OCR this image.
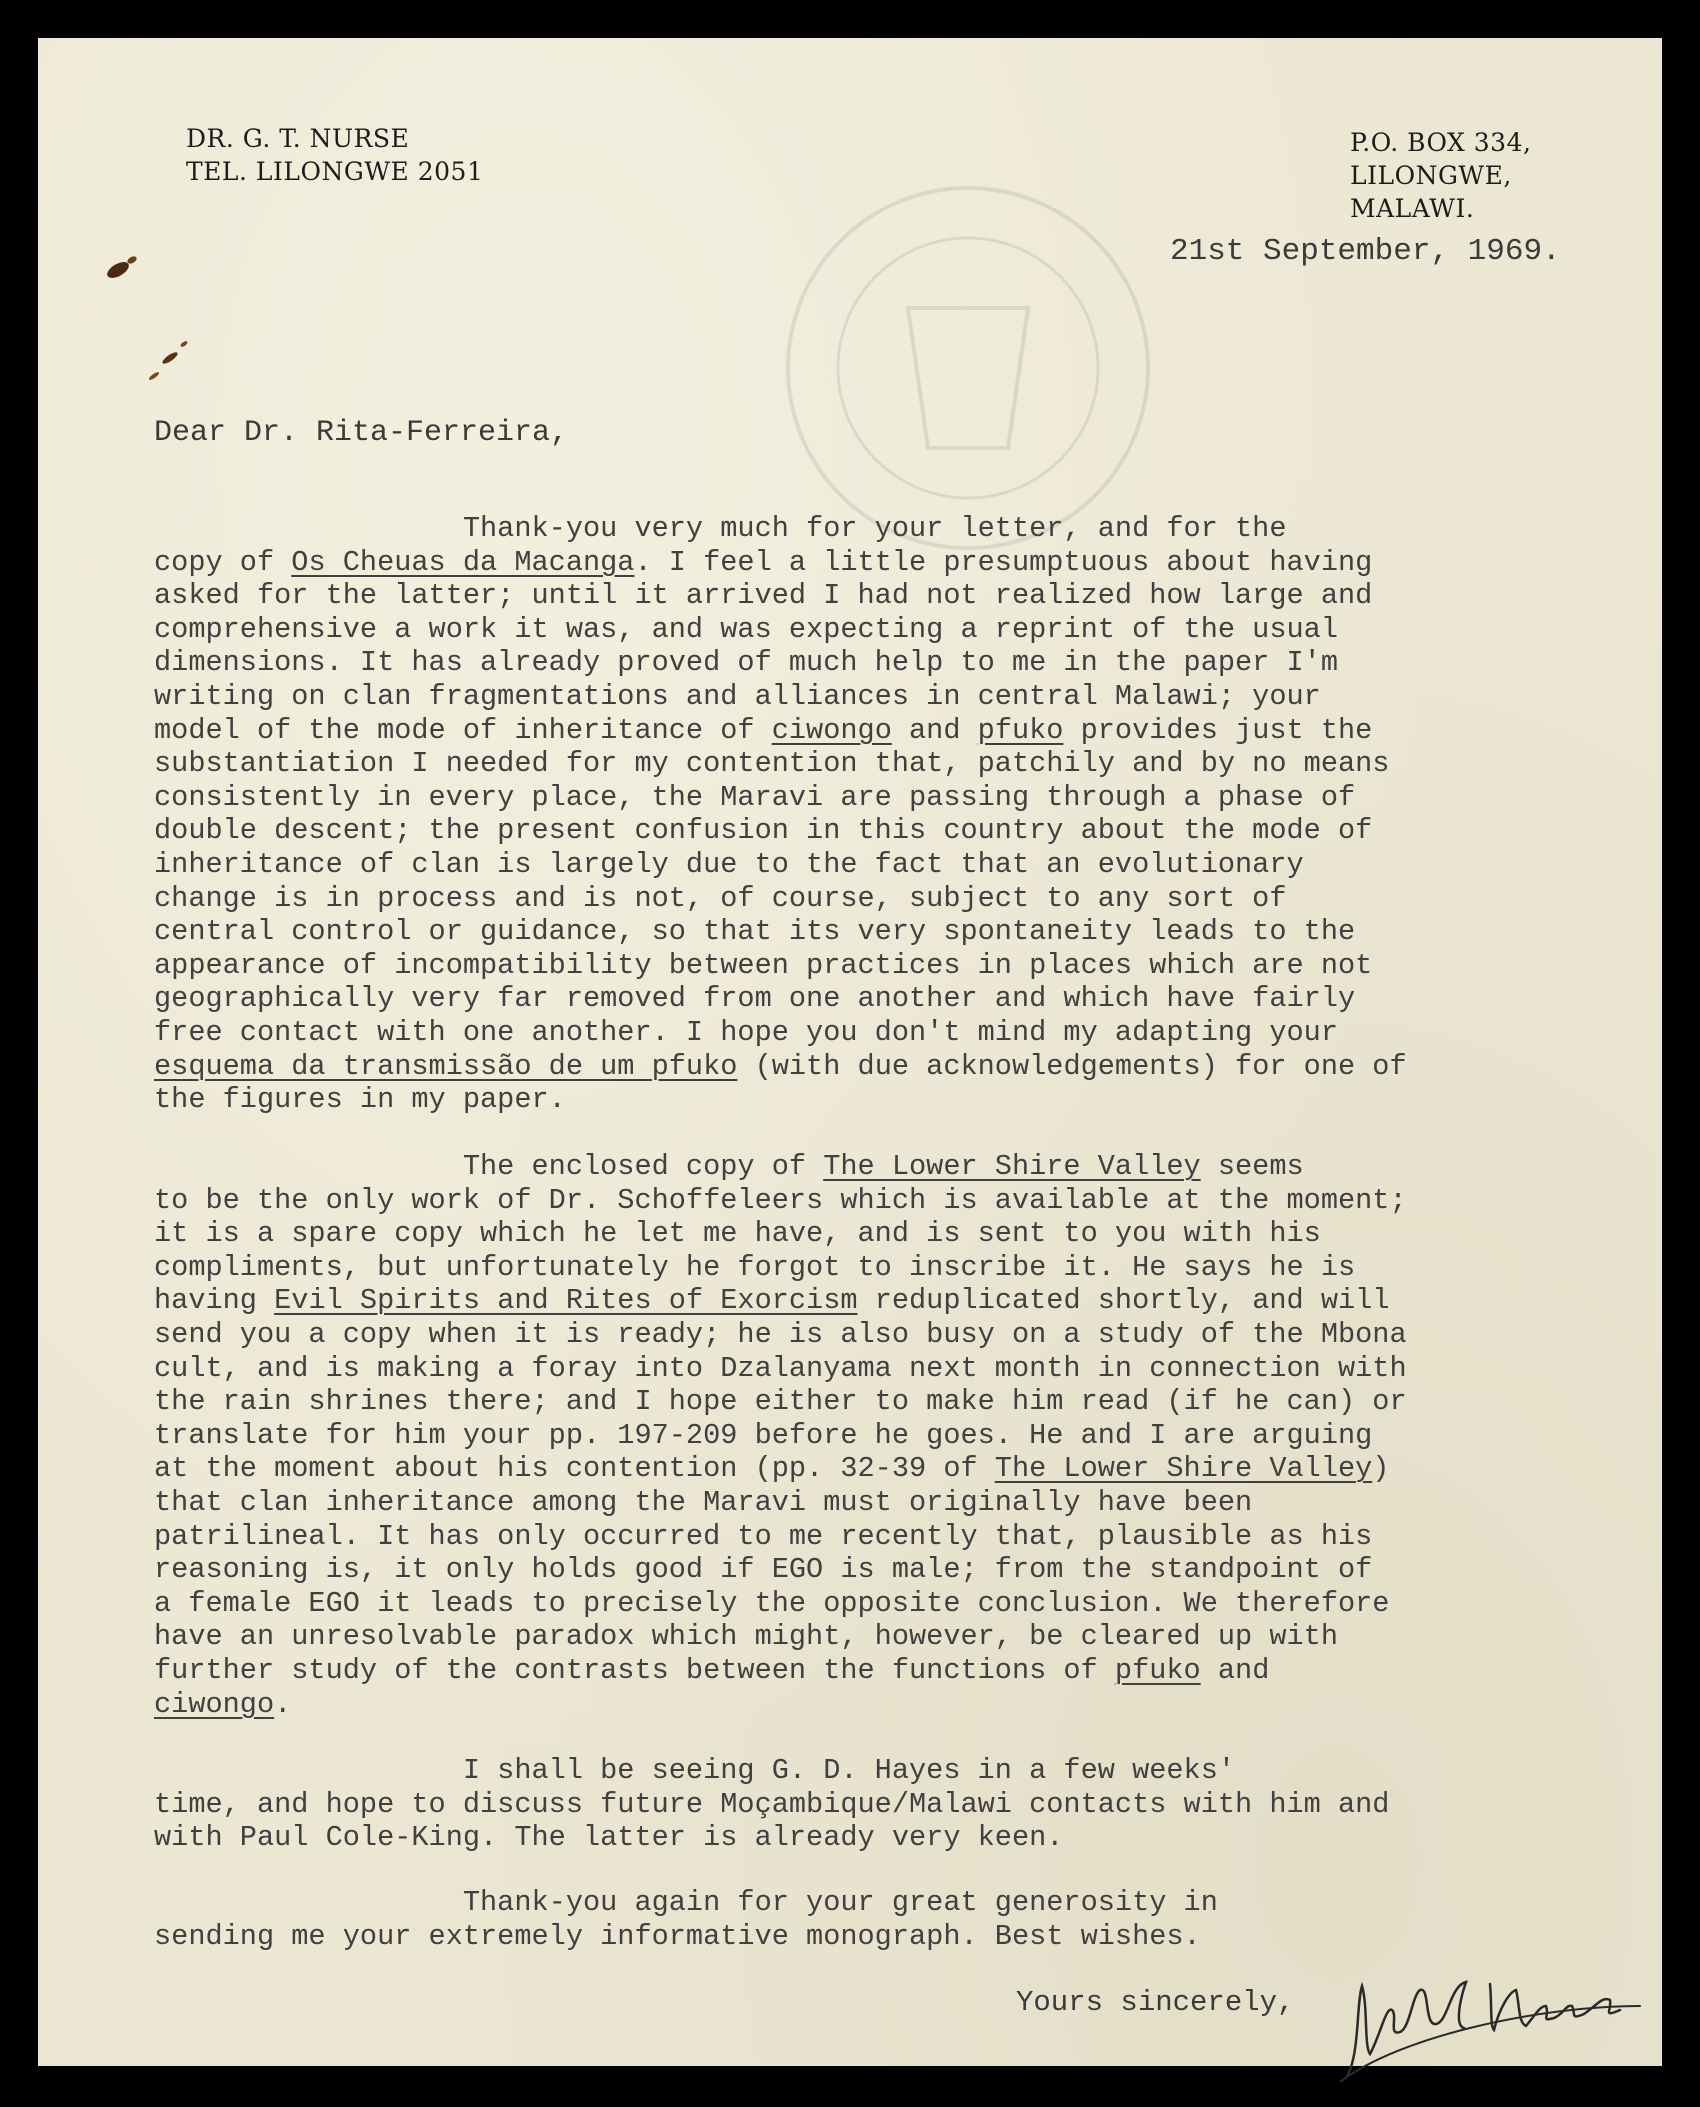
DR. G. T. NURSE
TEL. LILONGWE 2051
P.O. BOX 334,
LILONGWE,
MALAWI.
21st September, 1969.
Dear Dr. Rita-Ferreira,
Thank-you very much for your letter, and for the
copy of Os Cheuas da Macanga. I feel a little presumptuous about having
asked for the latter; until it arrived I had not realized how large and
comprehensive a work it was, and was expecting a reprint of the usual
dimensions. It has already proved of much help to me in the paper I'm
writing on clan fragmentations and alliances in central Malawi; your
model of the mode of inheritance of ciwongo and pfuko provides just the
substantiation I needed for my contention that, patchily and by no means
consistently in every place, the Maravi are passing through a phase of
double descent; the present confusion in this country about the mode of
inheritance of clan is largely due to the fact that an evolutionary
change is in process and is not, of course, subject to any sort of
central control or guidance, so that its very spontaneity leads to the
appearance of incompatibility between practices in places which are not
geographically very far removed from one another and which have fairly
free contact with one another. I hope you don't mind my adapting your
esquema da transmissão de um pfuko (with due acknowledgements) for one of
the figures in my paper.
The enclosed copy of The Lower Shire Valley seems
to be the only work of Dr. Schoffeleers which is available at the moment;
it is a spare copy which he let me have, and is sent to you with his
compliments, but unfortunately he forgot to inscribe it. He says he is
having Evil Spirits and Rites of Exorcism reduplicated shortly, and will
send you a copy when it is ready; he is also busy on a study of the Mbona
cult, and is making a foray into Dzalanyama next month in connection with
the rain shrines there; and I hope either to make him read (if he can) or
translate for him your pp. 197-209 before he goes. He and I are arguing
at the moment about his contention (pp. 32-39 of The Lower Shire Valley)
that clan inheritance among the Maravi must originally have been
patrilineal. It has only occurred to me recently that, plausible as his
reasoning is, it only holds good if EGO is male; from the standpoint of
a female EGO it leads to precisely the opposite conclusion. We therefore
have an unresolvable paradox which might, however, be cleared up with
further study of the contrasts between the functions of pfuko and
ciwongo.
I shall be seeing G. D. Hayes in a few weeks'
time, and hope to discuss future Moçambique/Malawi contacts with him and
with Paul Cole-King. The latter is already very keen.
Thank-you again for your great generosity in
sending me your extremely informative monograph. Best wishes.
Yours sincerely,
